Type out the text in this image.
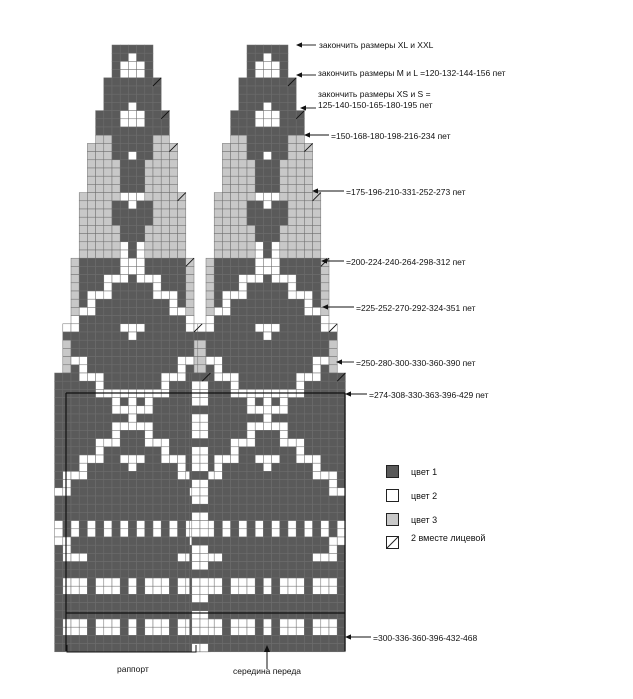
закончить размеры XL и XXL
закончить размеры M и L =120-132-144-156 пет
закончить размеры XS и S =
125-140-150-165-180-195 пет
=150-168-180-198-216-234 пет
=175-196-210-331-252-273 пет
=200-224-240-264-298-312 пет
=225-252-270-292-324-351 пет
=250-280-300-330-360-390 пет
=274-308-330-363-396-429 пет
=300-336-360-396-432-468
цвет 1
цвет 2
цвет 3
2 вместе лицевой
раппорт	середина переда
